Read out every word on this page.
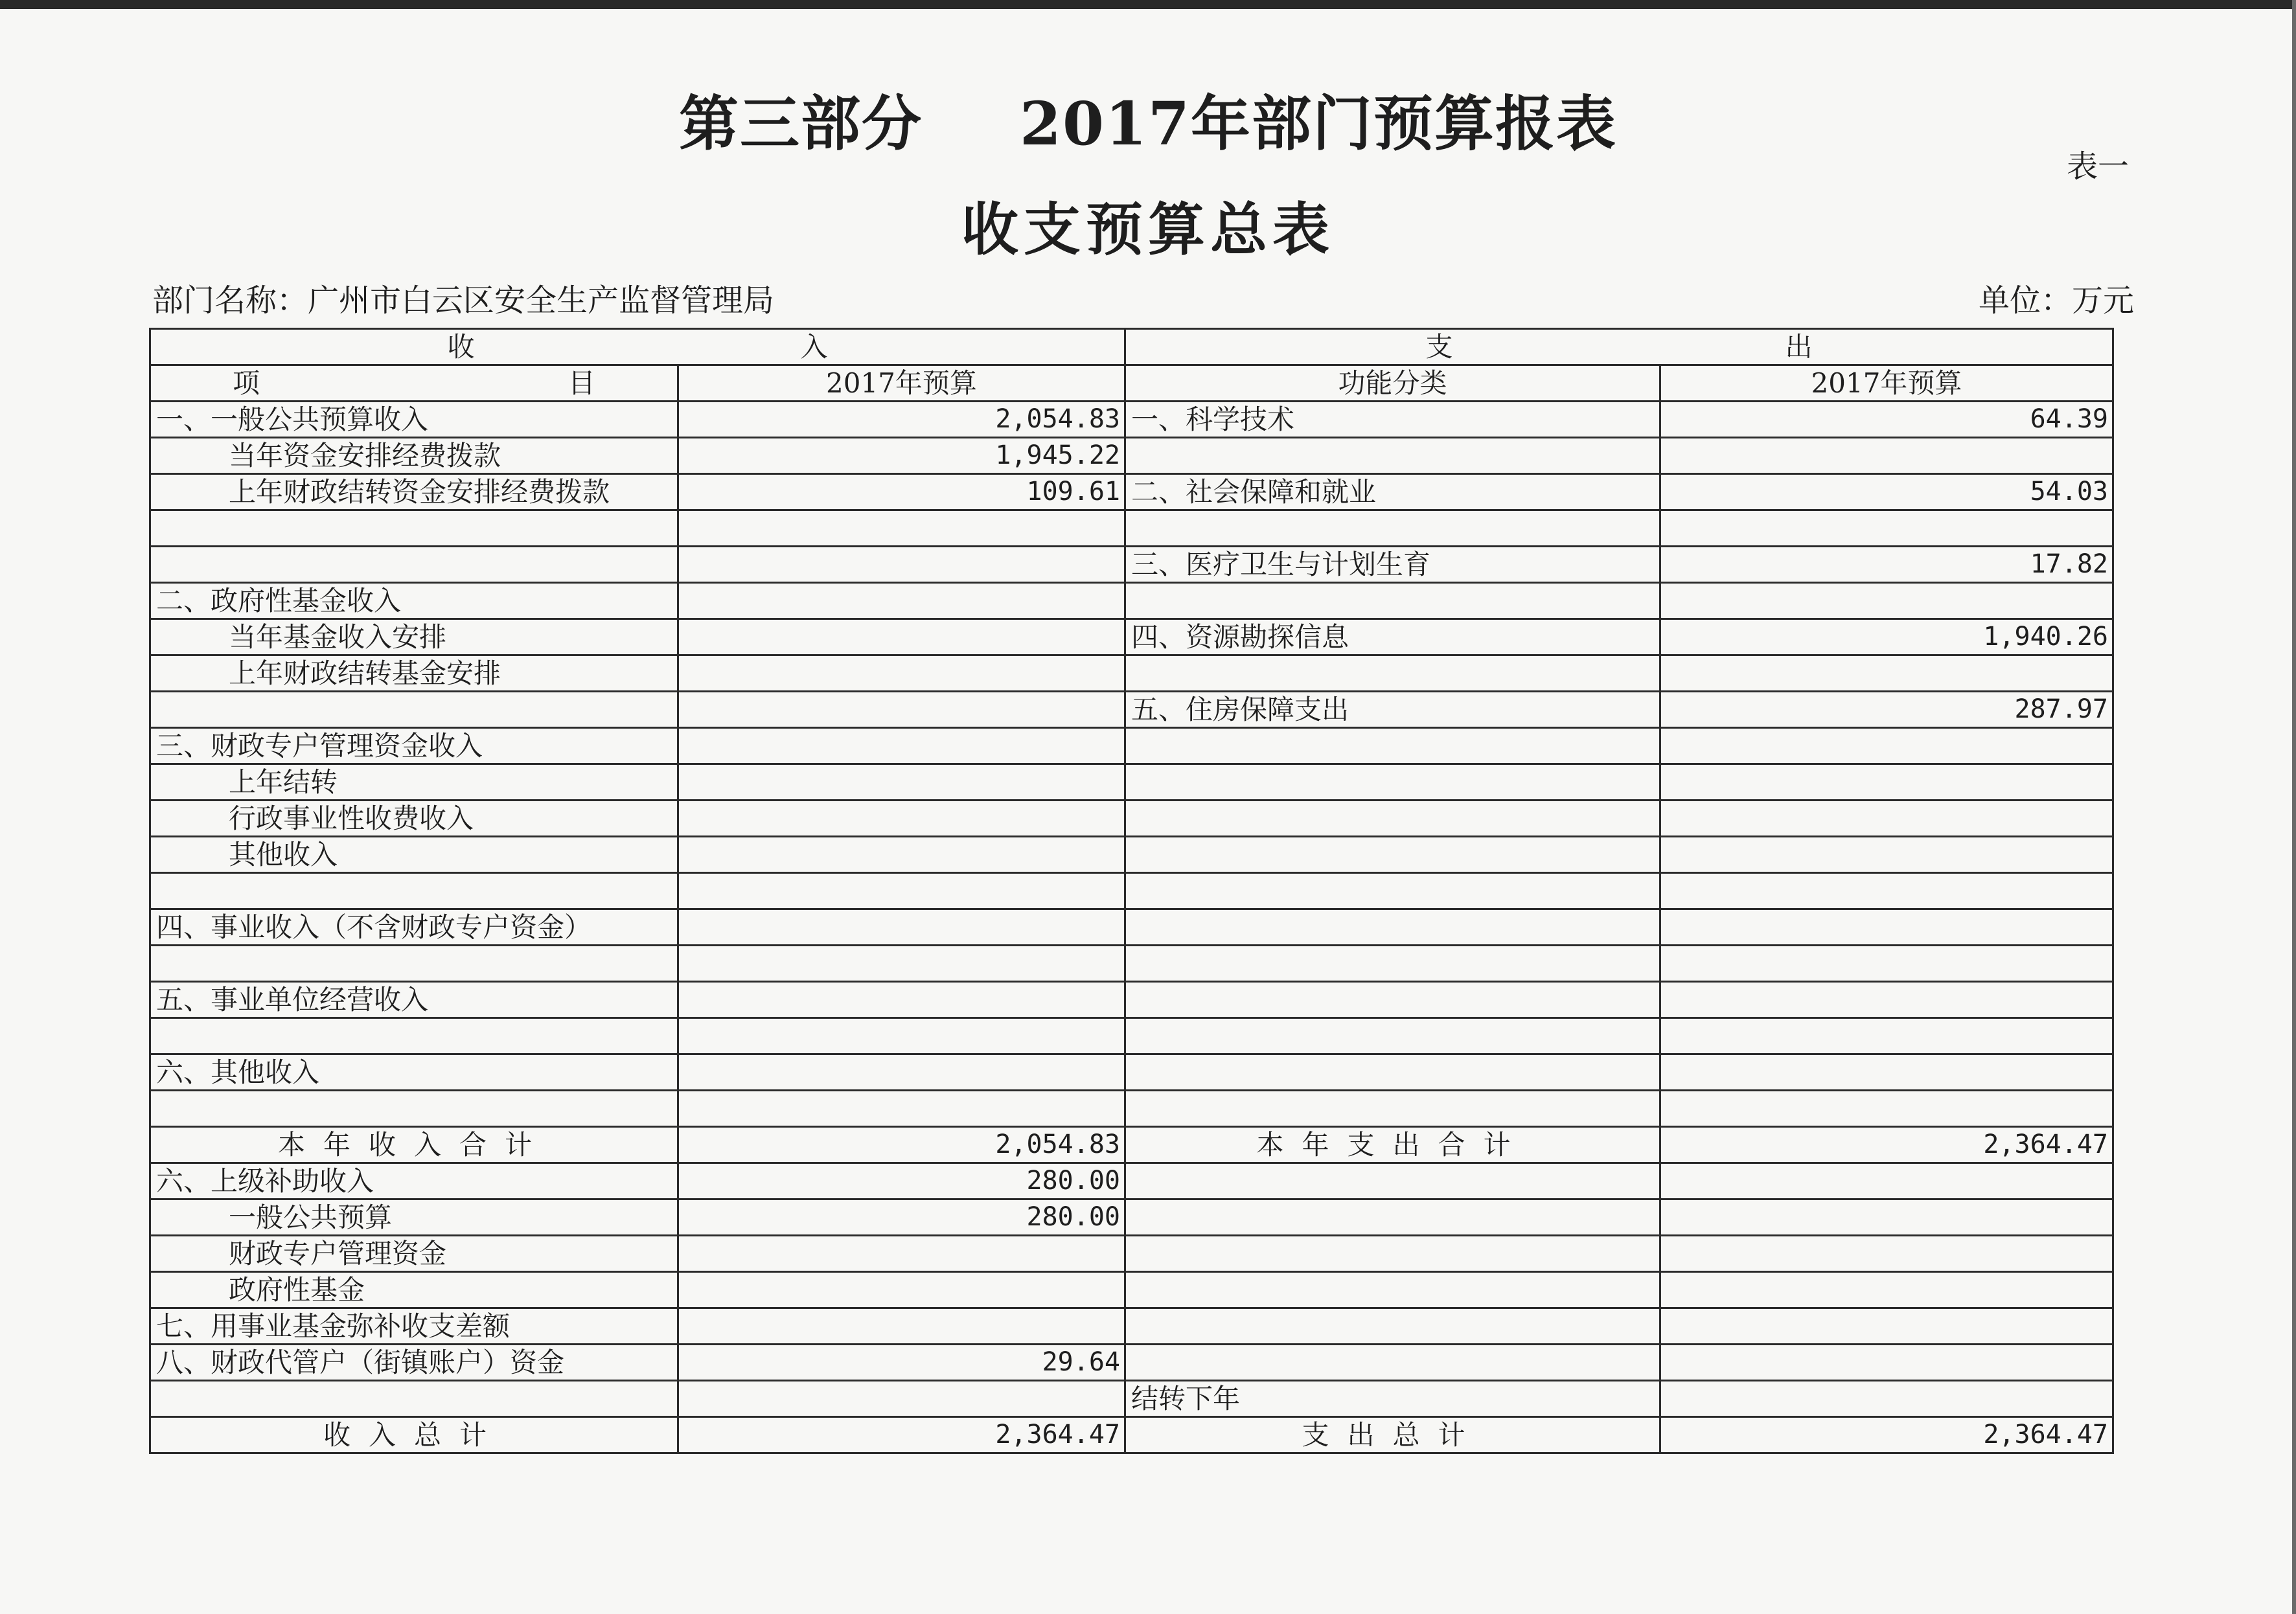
第三部分 2017年部门预算报表
表一
收支预算总表
部门名称：广州市白云区安全生产监督管理局	单位：万元
收 入		支 出	

项 目	2017年预算	功能分类	2017年预算
一、一般公共预算收入	2,054.83	一、科学技术	64.39
当年资金安排经费拨款	1,945.22		
上年财政结转资金安排经费拨款	109.61	二、社会保障和就业	54.03

		三、医疗卫生与计划生育	17.82
二、政府性基金收入			
当年基金收入安排		四、资源勘探信息	1,940.26
上年财政结转基金安排			
		五、住房保障支出	287.97
三、财政专户管理资金收入			
上年结转			
行政事业性收费收入			
其他收入			

四、事业收入（不含财政专户资金）			

五、事业单位经营收入			

六、其他收入			

本年收入合计	2,054.83	本年支出合计	2,364.47
六、上级补助收入	280.00		
一般公共预算	280.00		
财政专户管理资金			
政府性基金			
七、用事业基金弥补收支差额			
八、财政代管户（街镇账户）资金	29.64		
		结转下年	
收入总计	2,364.47	支出总计	2,364.47
